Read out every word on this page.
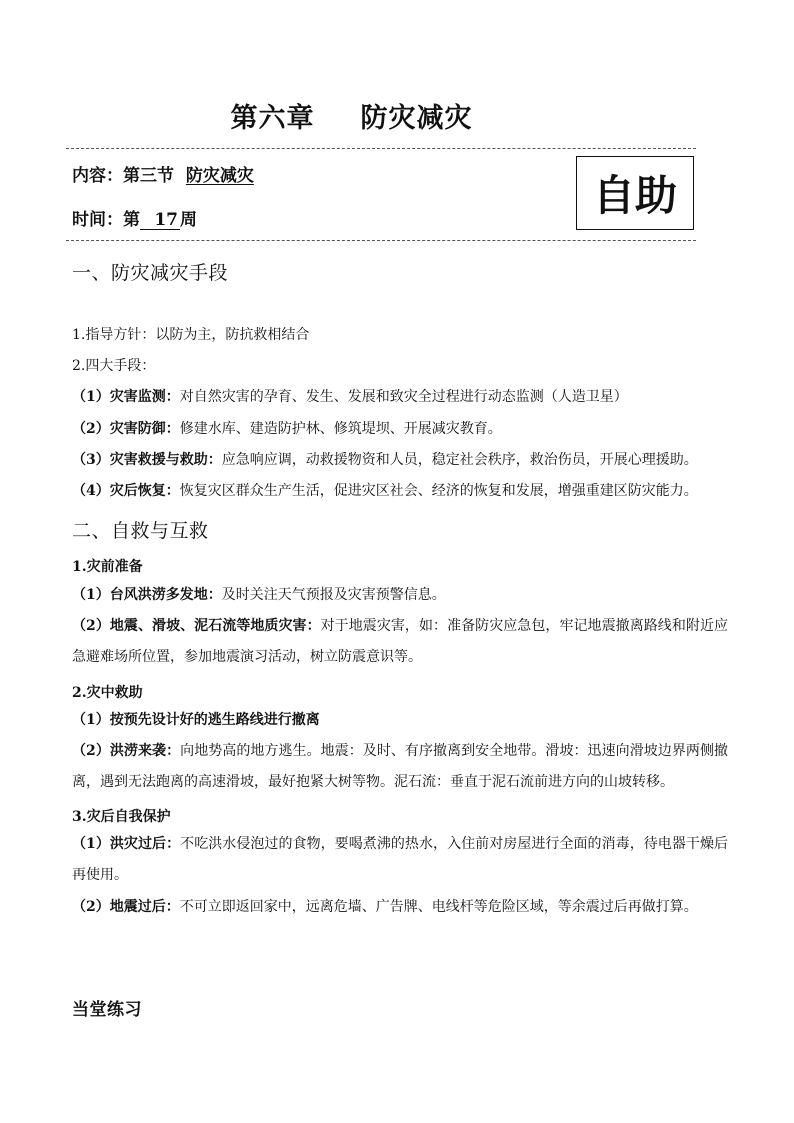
第六章 防灾减灾
内容：第三节 防灾减灾
时间：第 17 周	自助
一、防灾减灾手段
1.指导方针：以防为主，防抗救相结合
2.四大手段：
（1）灾害监测：对自然灾害的孕育、发生、发展和致灾全过程进行动态监测（人造卫星）
（2）灾害防御：修建水库、建造防护林、修筑堤坝、开展减灾教育。
（3）灾害救援与救助：应急响应调，动救援物资和人员，稳定社会秩序，救治伤员，开展心理援助。
（4）灾后恢复：恢复灾区群众生产生活，促进灾区社会、经济的恢复和发展，增强重建区防灾能力。
二、自救与互救
1.灾前准备
（1）台风洪涝多发地：及时关注天气预报及灾害预警信息。
（2）地震、滑坡、泥石流等地质灾害：对于地震灾害，如：准备防灾应急包，牢记地震撤离路线和附近应急避难场所位置，参加地震演习活动，树立防震意识等。
2.灾中救助
（1）按预先设计好的逃生路线进行撤离
（2）洪涝来袭：向地势高的地方逃生。地震：及时、有序撤离到安全地带。滑坡：迅速向滑坡边界两侧撤离，遇到无法跑离的高速滑坡，最好抱紧大树等物。泥石流：垂直于泥石流前进方向的山坡转移。
3.灾后自我保护
（1）洪灾过后：不吃洪水侵泡过的食物，要喝煮沸的热水，入住前对房屋进行全面的消毒，待电器干燥后再使用。
（2）地震过后：不可立即返回家中，远离危墙、广告牌、电线杆等危险区域，等余震过后再做打算。
当堂练习
